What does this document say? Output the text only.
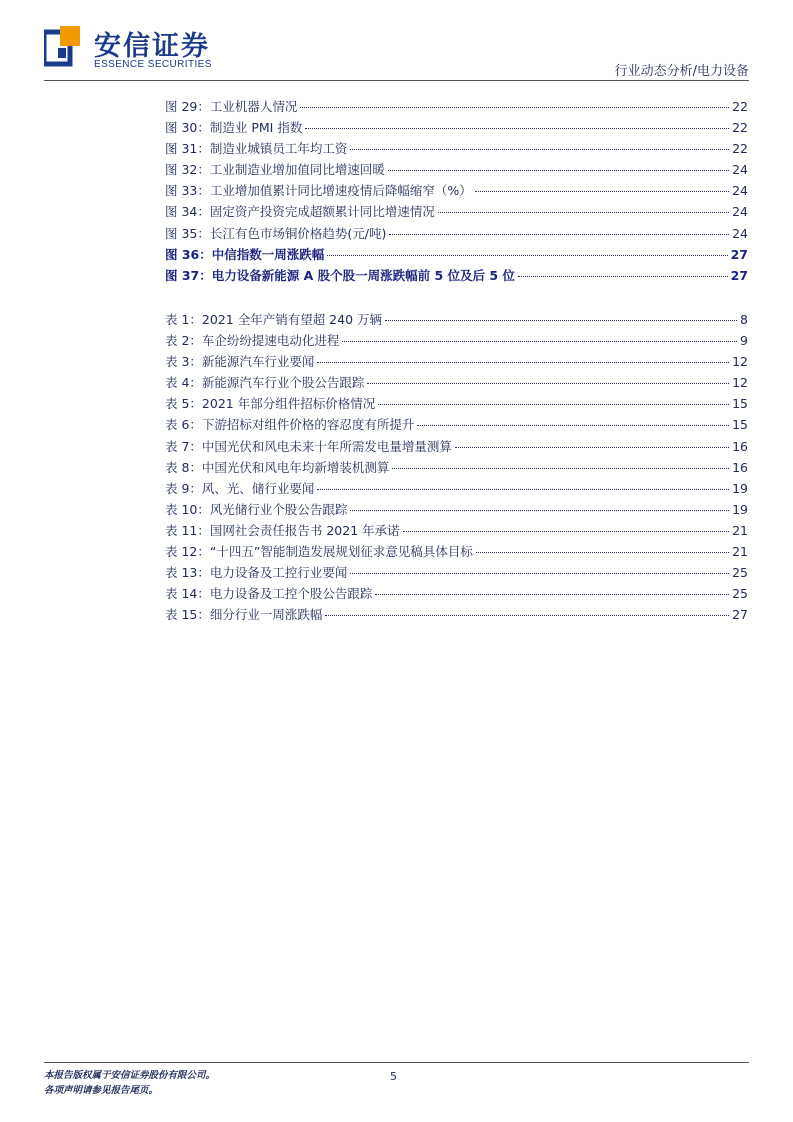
安信证券
ESSENCE SECURITIES	行业动态分析/电力设备
图 29：工业机器人情况	22
图 30：制造业 PMI 指数	22
图 31：制造业城镇员工年均工资	22
图 32：工业制造业增加值同比增速回暖	24
图 33：工业增加值累计同比增速疫情后降幅缩窄（%）	24
图 34：固定资产投资完成超额累计同比增速情况	24
图 35：长江有色市场铜价格趋势(元/吨)	24
图 36：中信指数一周涨跌幅	27
图 37：电力设备新能源 A 股个股一周涨跌幅前 5 位及后 5 位	27
表 1：2021 全年产销有望超 240 万辆	8
表 2：车企纷纷提速电动化进程	9
表 3：新能源汽车行业要闻	12
表 4：新能源汽车行业个股公告跟踪	12
表 5：2021 年部分组件招标价格情况	15
表 6：下游招标对组件价格的容忍度有所提升	15
表 7：中国光伏和风电未来十年所需发电量增量测算	16
表 8：中国光伏和风电年均新增装机测算	16
表 9：风、光、储行业要闻	19
表 10：风光储行业个股公告跟踪	19
表 11：国网社会责任报告书 2021 年承诺	21
表 12：“十四五”智能制造发展规划征求意见稿具体目标	21
表 13：电力设备及工控行业要闻	25
表 14：电力设备及工控个股公告跟踪	25
表 15：细分行业一周涨跌幅	27
本报告版权属于安信证券股份有限公司。
各项声明请参见报告尾页。
5
